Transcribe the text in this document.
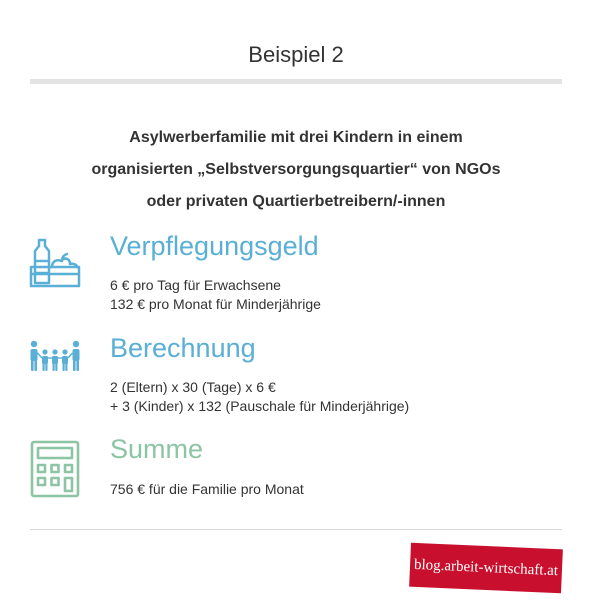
Beispiel 2
Asylwerberfamilie mit drei Kindern in einem
organisierten „Selbstversorgungsquartier“ von NGOs
oder privaten Quartierbetreibern/-innen
Verpflegungsgeld
6 € pro Tag für Erwachsene
132 € pro Monat für Minderjährige
Berechnung
2 (Eltern) x 30 (Tage) x 6 €
+ 3 (Kinder) x 132 (Pauschale für Minderjährige)
Summe
756 € für die Familie pro Monat
blog.arbeit-wirtschaft.at
